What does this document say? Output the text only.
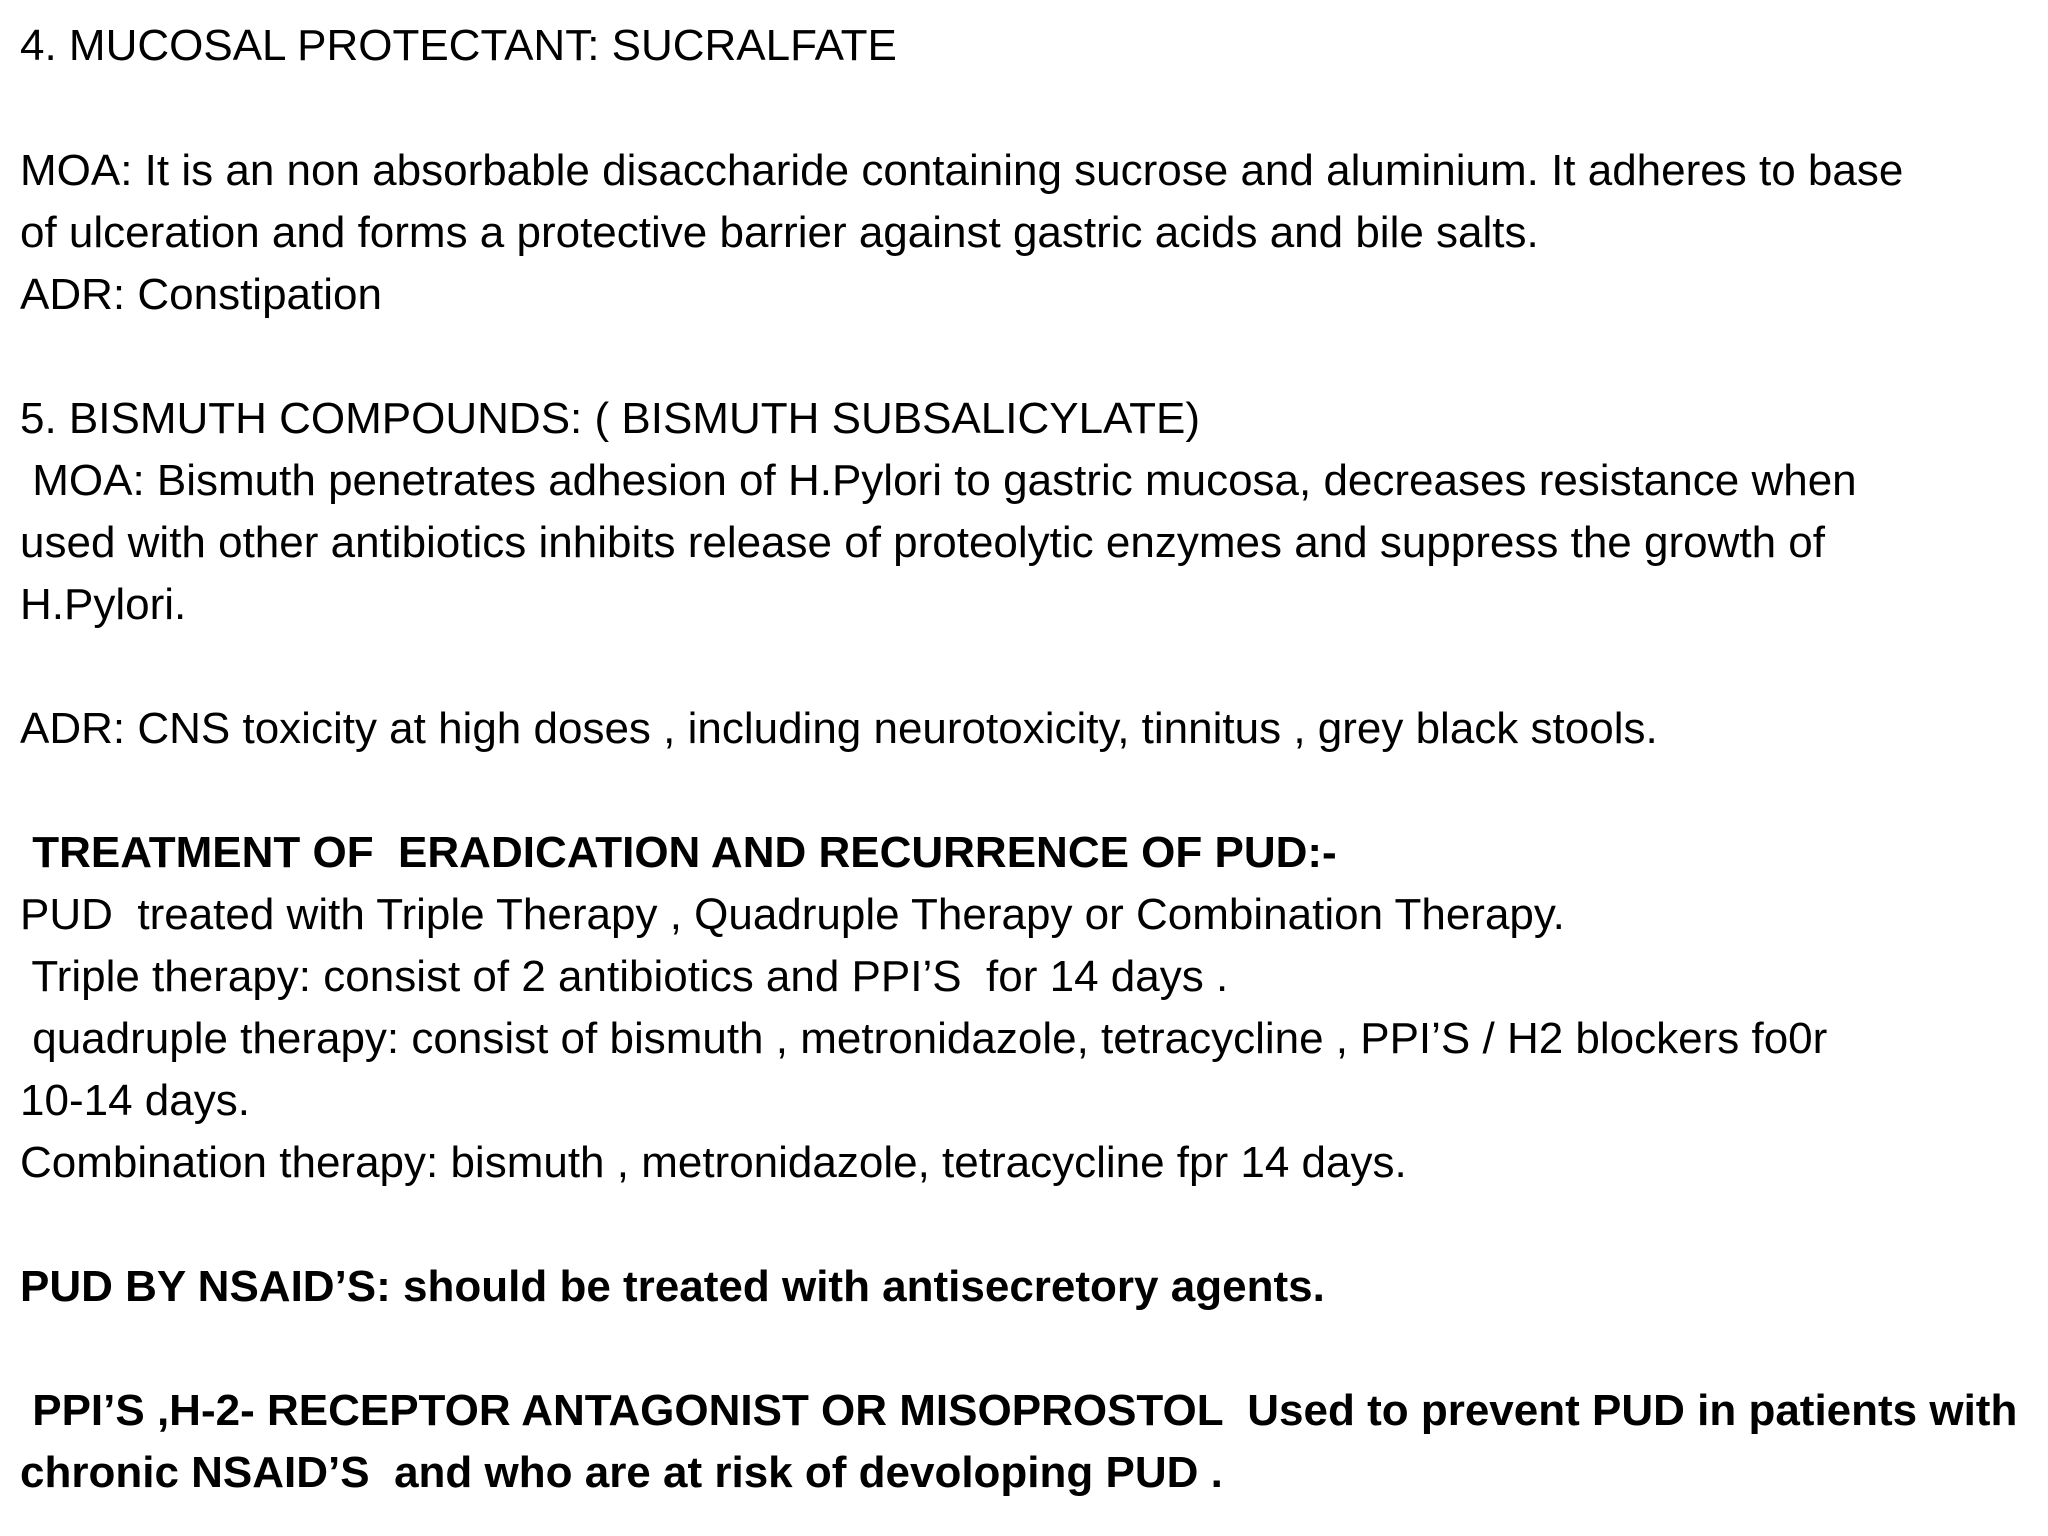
4. MUCOSAL PROTECTANT: SUCRALFATE
MOA: It is an non absorbable disaccharide containing sucrose and aluminium. It adheres to base
of ulceration and forms a protective barrier against gastric acids and bile salts.
ADR: Constipation
5. BISMUTH COMPOUNDS: ( BISMUTH SUBSALICYLATE)
MOA: Bismuth penetrates adhesion of H.Pylori to gastric mucosa, decreases resistance when
used with other antibiotics inhibits release of proteolytic enzymes and suppress the growth of
H.Pylori.
ADR: CNS toxicity at high doses , including neurotoxicity, tinnitus , grey black stools.
TREATMENT OF  ERADICATION AND RECURRENCE OF PUD:-
PUD  treated with Triple Therapy , Quadruple Therapy or Combination Therapy.
Triple therapy: consist of 2 antibiotics and PPI’S  for 14 days .
quadruple therapy: consist of bismuth , metronidazole, tetracycline , PPI’S / H2 blockers fo0r
10-14 days.
Combination therapy: bismuth , metronidazole, tetracycline fpr 14 days.
PUD BY NSAID’S: should be treated with antisecretory agents.
PPI’S ,H-2- RECEPTOR ANTAGONIST OR MISOPROSTOL  Used to prevent PUD in patients with
chronic NSAID’S  and who are at risk of devoloping PUD .
